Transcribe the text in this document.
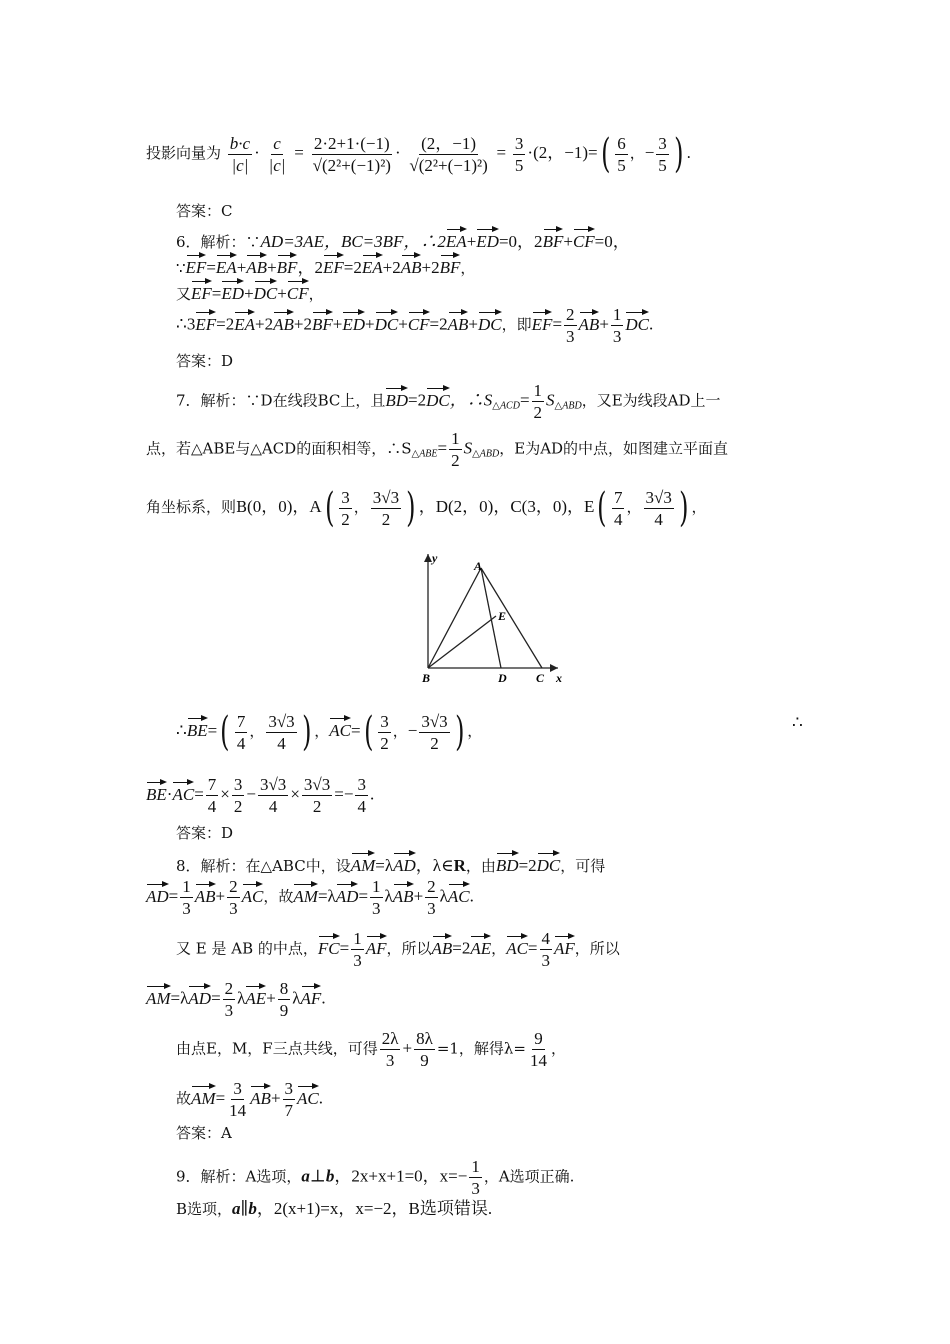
投影向量为 $\frac{b\cdot c}{|c|} \cdot \frac{c}{|c|} = \frac{2\cdot 2+1\cdot(-1)}{\text{√(2²+(−1)²)}} \cdot \frac{(2,-1)}{\text{√(2²+(−1)²)}} = \frac{3}{5} \cdot(2$，$-1)=( \frac{6}{5}$ ，− $\frac{3}{5}$ ) .
答案：C
6．解析：∵AD=3AE，BC=3BF，∴2EA+ED=0，2BF+CF=0，
∵EF=EA+AB+BF，2EF=2EA+2AB+2BF，
又EF=ED+DC+CF，
∴3EF=2EA+2AB+2BF+ED+DC+CF=2AB+DC，即$EF= \frac{2}{3} AB+ \frac{1}{3}$ DC.
答案：D
7．解析：∵D在线段BC上，且BD=2DC，$\therefore S_{\triangle ACD}= \frac{1}{2} S_{\triangle ABD}$，又E为线段AD上一
点，若△ABE与△ACD的面积相等，$\therefore S_{\triangle ABE}= \frac{1}{2} S_{\triangle ABD}$，E为AD的中点，如图建立平面直
角坐标系，则B(0，0)，$A( \frac{3}{2}$ ， $\frac{3√3}{2}$ ) ，D(2，0)，C(3，0)，$E( \frac{7}{4}$ ， $\frac{3√3}{4}$ ) ，
y
A
E
B	D C x
∴BE=( $\frac{7}{4}$ ， $\frac{3√3}{4}$ ) ，$AC=( \frac{3}{2}$ ，− $\frac{3√3}{2}$ ) ，	∴
$BE\cdot AC= \frac{7}{4} \times \frac{3}{2} - \frac{3√3}{4} \times \frac{3√3}{2} =- \frac{3}{4}$ .
答案：D
8．解析：在△ABC中，设AM=λAD，λ∈R，由BD=2DC，可得
$AD= \frac{1}{3} AB+ \frac{2}{3}$ AC，故$AM=\lambda AD= \frac{1}{3} \lambda AB+ \frac{2}{3} \lambda AC$.
又 E 是 AB 的中点，$FC= \frac{1}{3}$ AF，所以AB=2AE，$AC= \frac{4}{3}$ AF，所以
$AM=\lambda AD= \frac{2}{3} \lambda AE+ \frac{8}{9} \lambda AF$.
由点E，M，F三点共线，可得 $\frac{2\lambda}{3} + \frac{8\lambda}{9} =1$，解得$\lambda= \frac{9}{14}$ ，
故$AM= \frac{3}{14} AB+ \frac{3}{7}$ AC.
答案：A
9．解析：A选项，a⊥b，2x+x+1=0，$x=- \frac{1}{3}$ ，A选项正确.
B选项，a∥b，2(x+1)=x，x=−2，B选项错误.
